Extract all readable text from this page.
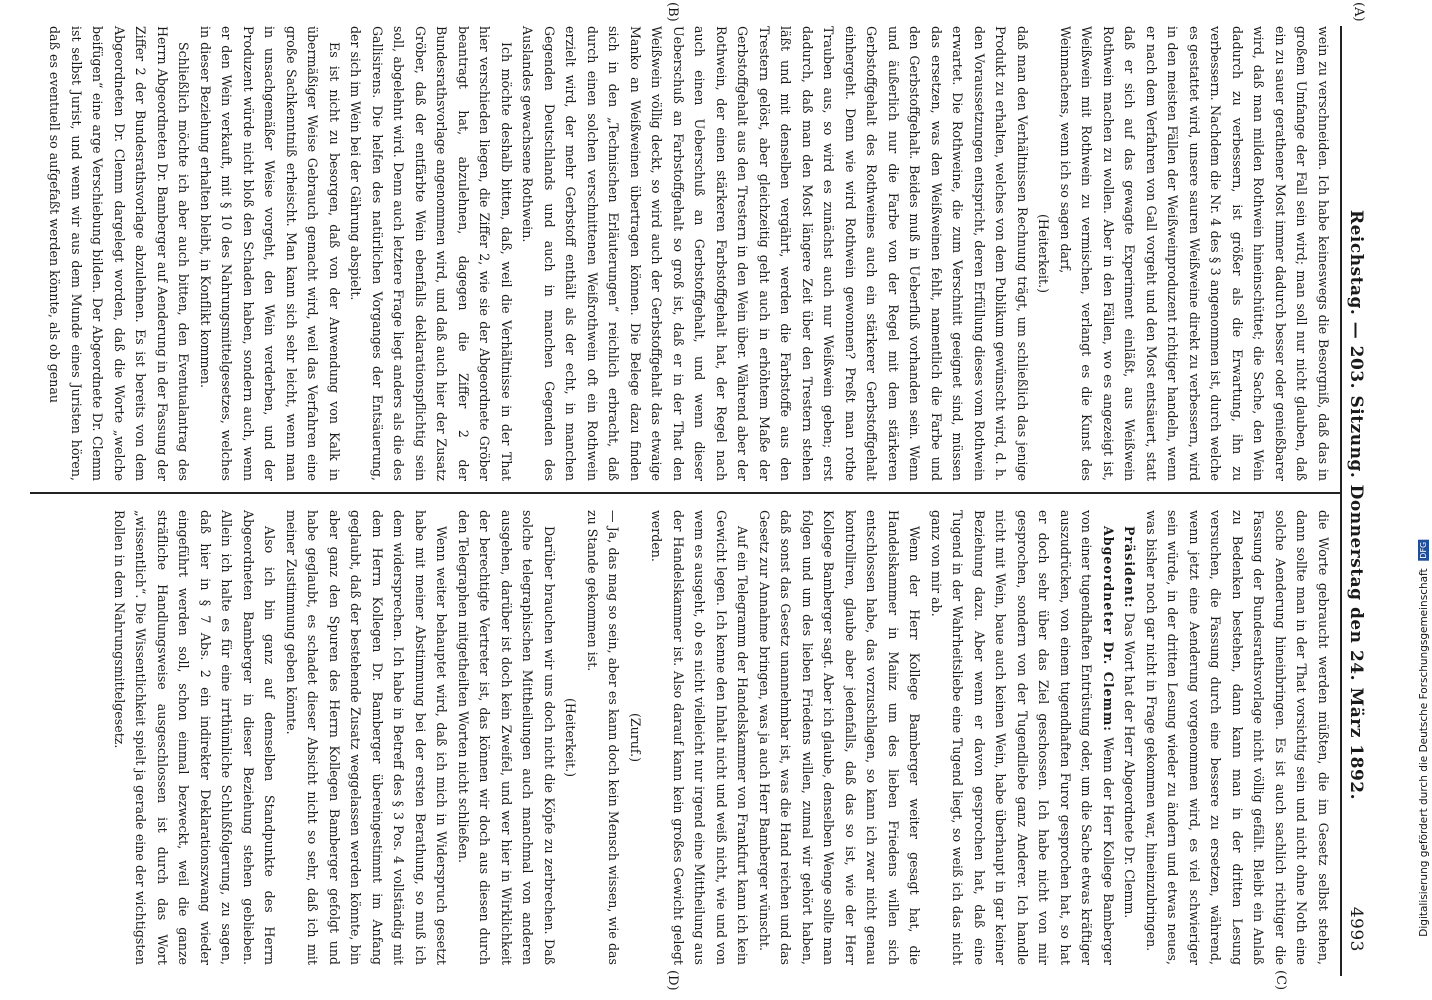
Reichstag. — 203. Sitzung. Donnerstag den 24. März 1892.
4993
(A)
(B)
(C)
(D)

wein zu verschneiden. Ich habe keineswegs die Besorgniß, daß das in großem Umfange der Fall sein wird; man soll nur nicht glauben, daß ein zu sauer gerathener Most immer dadurch besser oder genießbarer wird, daß man milden Rothwein hineinschüttet; die Sache, den Wein dadurch zu verbessern, ist größer als die Erwartung, ihn zu verbessern. Nachdem die Nr. 4 des § 3 angenommen ist, durch welche es gestattet wird, unsere sauren Weißweine direkt zu verbessern, wird in den meisten Fällen der Weißweinproduzent richtiger handeln, wenn er nach dem Verfahren von Gall vorgeht und den Most entsäuert, statt daß er sich auf das gewagte Experiment einläßt, aus Weißwein Rothwein machen zu wollen. Aber in den Fällen, wo es angezeigt ist, Weißwein mit Rothwein zu vermischen, verlangt es die Kunst des Weinmachens, wenn ich so sagen darf,

(Heiterkeit.)

daß man den Verhältnissen Rechnung trägt, um schließlich das jenige Produkt zu erhalten, welches von dem Publikum gewünscht wird, d. h. den Voraussetzungen entspricht, deren Erfüllung dieses vom Rothwein erwartet. Die Rothweine, die zum Verschnitt geeignet sind, müssen das ersetzen, was den Weißweinen fehlt, namentlich die Farbe und den Gerbstoffgehalt. Beides muß in Ueberfluß vorhanden sein. Wenn und äußerlich nur die Farbe von der Regel mit dem stärkeren Gerbstoffgehalt des Rothweines auch ein stärkerer Gerbstoffgehalt einhergeht. Denn wie wird Rothwein gewonnen? Preßt man rothe Trauben aus, so wird es zunächst auch nur Weißwein geben; erst dadurch, daß man den Most längere Zeit über den Trestern stehen läßt und mit denselben vergährt, werden die Farbstoffe aus den Trestern gelöst, aber gleichzeitig geht auch in erhöhtem Maße der Gerbstoffgehalt aus den Trestern in den Wein über. Während aber der Rothwein, der einen stärkeren Farbstoffgehalt hat, der Regel nach auch einen Ueberschuß an Gerbstoffgehalt, und wenn dieser Ueberschuß an Farbstoffgehalt so groß ist, daß er in der That den Weißwein völlig deckt, so wird auch der Gerbstoffgehalt das etwaige Manko an Weißweinen übertragen können. Die Belege dazu finden sich in den „Technischen Erläuterungen“ reichlich erbracht, daß durch einen solchen verschnittenen Weißrothwein oft ein Rothwein erzielt wird, der mehr Gerbstoff enthält als der echt, in manchen Gegenden Deutschlands und auch in manchen Gegenden des Auslandes gewachsene Rothwein.

Ich möchte deshalb bitten, daß, weil die Verhältnisse in der That hier verschieden liegen, die Ziffer 2, wie sie der Abgeordnete Gröber beantragt hat, abzulehnen, dagegen die Ziffer 2 der Bundesrathsvorlage angenommen wird, und daß auch hier der Zusatz Gröber, daß der entfärbte Wein ebenfalls deklarationspflichtig sein soll, abgelehnt wird. Denn auch letztere Frage liegt anders als die des Gallisirens. Die helfen des natürlichen Vorganges der Entsäuerung, der sich im Wein bei der Gährung abspielt.

Es ist nicht zu besorgen, daß von der Anwendung von Kalk in übermäßiger Weise Gebrauch gemacht wird, weil das Verfahren eine große Sachkenntniß erheischt. Man kann sich sehr leicht, wenn man in unsachgemäßer Weise vorgeht, den Wein verderben, und der Produzent würde nicht bloß den Schaden haben, sondern auch, wenn er den Wein verkauft, mit § 10 des Nahrungsmittelgesetzes, welches in dieser Beziehung erhalten bleibt, in Konflikt kommen.

Schließlich möchte ich aber auch bitten, den Eventualantrag des Herrn Abgeordneten Dr. Bamberger auf Aenderung in der Fassung der Ziffer 2 der Bundesrathsvorlage abzulehnen. Es ist bereits von dem Abgeordneten Dr. Clemm dargelegt worden, daß die Worte „welche beifügen“ eine arge Verschiebung bilden. Der Abgeordnete Dr. Clemm ist selbst Jurist, und wenn wir aus dem Munde eines Juristen hören, daß es eventuell so aufgefaßt werden könnte, als ob genau

die Worte gebraucht werden müßten, die im Gesetz selbst stehen, dann sollte man in der That vorsichtig sein und nicht ohne Noth eine solche Aenderung hineinbringen. Es ist auch sachlich richtiger die Fassung der Bundesrathsvorlage nicht völlig gefällt. Bleibt ein Anlaß zu Bedenken bestehen, dann kann man in der dritten Lesung versuchen, die Fassung durch eine bessere zu ersetzen, während, wenn jetzt eine Aenderung vorgenommen wird, es viel schwieriger sein würde, in der dritten Lesung wieder zu ändern und etwas neues, was bisher noch gar nicht in Frage gekommen war, hineinzubringen.

Präsident: Das Wort hat der Herr Abgeordnete Dr. Clemm.

Abgeordneter Dr. Clemm: Wenn der Herr Kollege Bamberger von einer tugendhaften Entrüstung oder, um die Sache etwas kräftiger auszudrücken, von einem tugendhaften Furor gesprochen hat, so hat er doch sehr über das Ziel geschossen. Ich habe nicht von mir gesprochen, sondern von der Tugendliebe ganz Anderer. Ich handle nicht mit Wein, baue auch keinen Wein, habe überhaupt in gar keiner Beziehung dazu. Aber wenn er davon gesprochen hat, daß eine Tugend in der Wahrheitsliebe eine Tugend liegt, so weiß ich das nicht ganz von mir ab.

Wenn der Herr Kollege Bamberger weiter gesagt hat, die Handelskammer in Mainz um des lieben Friedens willen sich entschlossen habe, das vorzuschlagen, so kann ich zwar nicht genau kontrolliren, glaube aber jedenfalls, daß das so ist, wie der Herr Kollege Bamberger sagt. Aber ich glaube, denselben Wenge sollte man folgen und um des lieben Friedens willen, zumal wir gehört haben, daß sonst das Gesetz unannehmbar ist, was die Hand reichen und das Gesetz zur Annahme bringen, was ja auch Herr Bamberger wünscht.

Auf ein Telegramm der Handelskammer von Frankfurt kann ich kein Gewicht legen. Ich kenne den Inhalt nicht und weiß nicht, wie und von wem es ausgeht, ob es nicht vielleicht nur irgend eine Mittheilung aus der Handelskammer ist. Also darauf kann kein großes Gewicht gelegt werden.

(Zuruf.)

— Ja, das mag so sein, aber es kann doch kein Mensch wissen, wie das zu Stande gekommen ist.

(Heiterkeit.)

Darüber brauchen wir uns doch nicht die Köpfe zu zerbrechen. Daß solche telegraphischen Mittheilungen auch manchmal von anderen ausgehen, darüber ist doch kein Zweifel, und wer hier in Wirklichkeit der berechtigte Vertreter ist, das können wir doch aus diesen durch den Telegraphen mitgetheilten Worten nicht schließen.

Wenn weiter behauptet wird, daß ich mich in Widerspruch gesetzt habe mit meiner Abstimmung bei der ersten Berathung, so muß ich dem widersprechen. Ich habe in Betreff des § 3 Pos. 4 vollständig mit dem Herrn Kollegen Dr. Bamberger übereingestimmt im Anfang geglaubt, daß der bestehende Zusatz weggelassen werden könnte, bin aber ganz den Spuren des Herrn Kollegen Bamberger gefolgt und habe geglaubt, es schadet dieser Absicht nicht so sehr, daß ich mit meiner Zustimmung geben könnte.

Also ich bin ganz auf demselben Standpunkte des Herrn Abgeordneten Bamberger in dieser Beziehung stehen geblieben. Allein ich halte es für eine irrthümliche Schlußfolgerung, zu sagen, daß hier in § 7 Abs. 2 ein indirekter Deklarationszwang wieder eingeführt werden soll, schon einmal bezweckt, weil die ganze sträfliche Handlungsweise ausgeschlossen ist durch das Wort „wissentlich“. Die Wissentlichkeit spielt ja gerade eine der wichtigsten Rollen in dem Nahrungsmittelgesetz.	Digitalisierung gefördert durch die Deutsche Forschungsgemeinschaft DFG
